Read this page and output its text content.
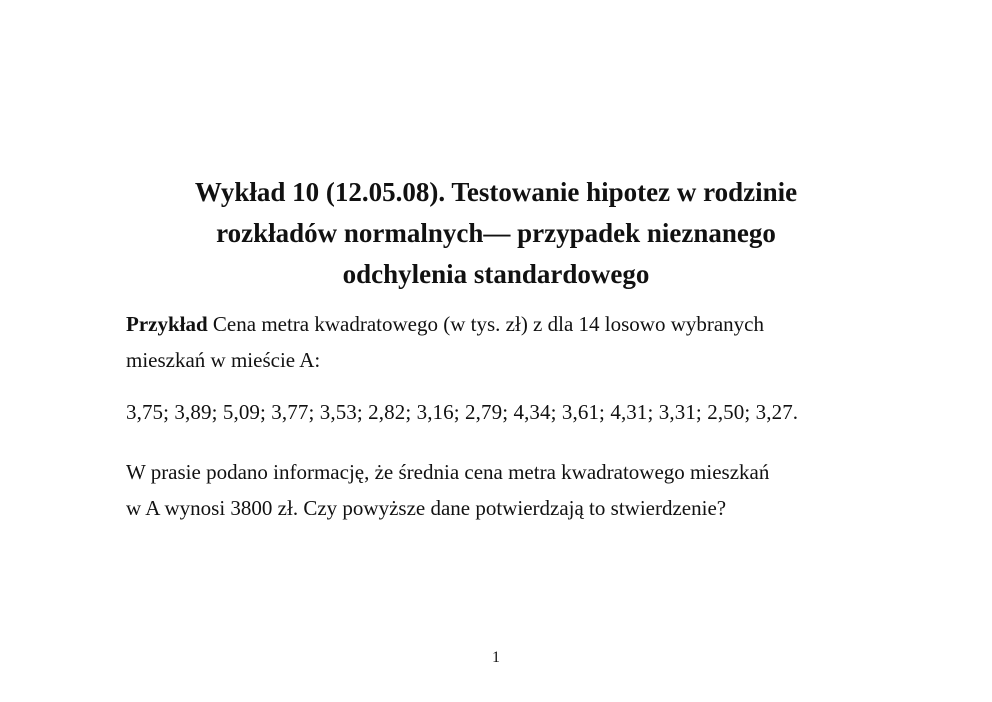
Wykład 10 (12.05.08). Testowanie hipotez w rodzinie
rozkładów normalnych— przypadek nieznanego
odchylenia standardowego

Przykład Cena metra kwadratowego (w tys. zł) z dla 14 losowo wybranych
mieszkań w mieście A:

3,75; 3,89; 5,09; 3,77; 3,53; 2,82; 3,16; 2,79; 4,34; 3,61; 4,31; 3,31; 2,50; 3,27.

W prasie podano informację, że średnia cena metra kwadratowego mieszkań
w A wynosi 3800 zł. Czy powyższe dane potwierdzają to stwierdzenie?

1
